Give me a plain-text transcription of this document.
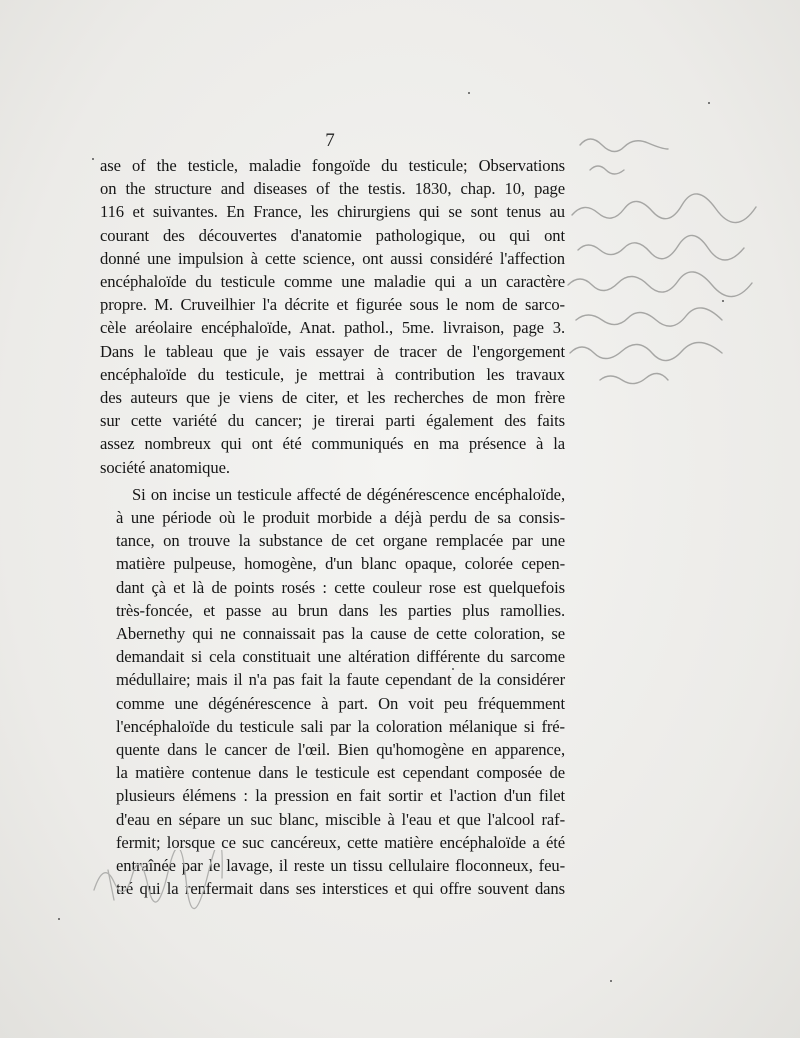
7

ase of the testicle, maladie fongoïde du testicule; Observations
on the structure and diseases of the testis. 1830, chap. 10, page
116 et suivantes. En France, les chirurgiens qui se sont tenus au
courant des découvertes d'anatomie pathologique, ou qui ont
donné une impulsion à cette science, ont aussi considéré l'affection
encéphaloïde du testicule comme une maladie qui a un caractère
propre. M. Cruveilhier l'a décrite et figurée sous le nom de sarco-
cèle aréolaire encéphaloïde, Anat. pathol., 5me. livraison, page 3.
Dans le tableau que je vais essayer de tracer de l'engorgement
encéphaloïde du testicule, je mettrai à contribution les travaux
des auteurs que je viens de citer, et les recherches de mon frère
sur cette variété du cancer; je tirerai parti également des faits
assez nombreux qui ont été communiqués en ma présence à la
société anatomique.

Si on incise un testicule affecté de dégénérescence encéphaloïde,
à une période où le produit morbide a déjà perdu de sa consis-
tance, on trouve la substance de cet organe remplacée par une
matière pulpeuse, homogène, d'un blanc opaque, colorée cepen-
dant çà et là de points rosés : cette couleur rose est quelquefois
très-foncée, et passe au brun dans les parties plus ramollies.
Abernethy qui ne connaissait pas la cause de cette coloration, se
demandait si cela constituait une altération différente du sarcome
médullaire; mais il n'a pas fait la faute cependant de la considérer
comme une dégénérescence à part. On voit peu fréquemment
l'encéphaloïde du testicule sali par la coloration mélanique si fré-
quente dans le cancer de l'œil. Bien qu'homogène en apparence,
la matière contenue dans le testicule est cependant composée de
plusieurs élémens : la pression en fait sortir et l'action d'un filet
d'eau en sépare un suc blanc, miscible à l'eau et que l'alcool raf-
fermit; lorsque ce suc cancéreux, cette matière encéphaloïde a été
entraînée par le lavage, il reste un tissu cellulaire floconneux, feu-
tré qui la renfermait dans ses interstices et qui offre souvent dans
